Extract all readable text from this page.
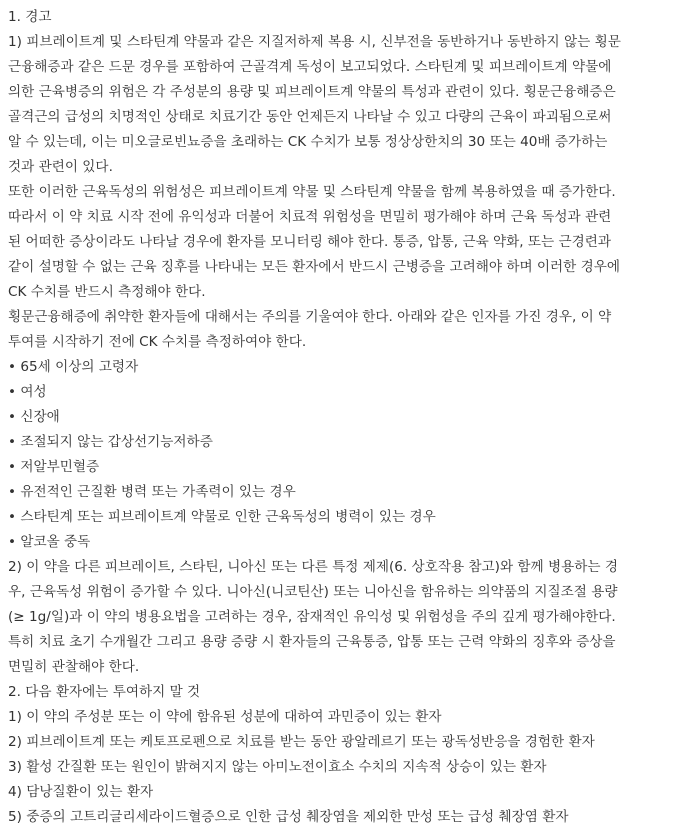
1. 경고
1) 피브레이트계 및 스타틴계 약물과 같은 지질저하제 복용 시, 신부전을 동반하거나 동반하지 않는 횡문
근융해증과 같은 드문 경우를 포함하여 근골격계 독성이 보고되었다. 스타틴계 및 피브레이트계 약물에
의한 근육병증의 위험은 각 주성분의 용량 및 피브레이트계 약물의 특성과 관련이 있다. 횡문근융해증은
골격근의 급성의 치명적인 상태로 치료기간 동안 언제든지 나타날 수 있고 다량의 근육이 파괴됨으로써
알 수 있는데, 이는 미오글로빈뇨증을 초래하는 CK 수치가 보통 정상상한치의 30 또는 40배 증가하는
것과 관련이 있다.
또한 이러한 근육독성의 위험성은 피브레이트계 약물 및 스타틴계 약물을 함께 복용하였을 때 증가한다.
따라서 이 약 치료 시작 전에 유익성과 더불어 치료적 위험성을 면밀히 평가해야 하며 근육 독성과 관련
된 어떠한 증상이라도 나타날 경우에 환자를 모니터링 해야 한다. 통증, 압통, 근육 약화, 또는 근경련과
같이 설명할 수 없는 근육 징후를 나타내는 모든 환자에서 반드시 근병증을 고려해야 하며 이러한 경우에
CK 수치를 반드시 측정해야 한다.
횡문근융해증에 취약한 환자들에 대해서는 주의를 기울여야 한다. 아래와 같은 인자를 가진 경우, 이 약
투여를 시작하기 전에 CK 수치를 측정하여야 한다.
• 65세 이상의 고령자
• 여성
• 신장애
• 조절되지 않는 갑상선기능저하증
• 저알부민혈증
• 유전적인 근질환 병력 또는 가족력이 있는 경우
• 스타틴계 또는 피브레이트계 약물로 인한 근육독성의 병력이 있는 경우
• 알코올 중독
2) 이 약을 다른 피브레이트, 스타틴, 니아신 또는 다른 특정 제제(6. 상호작용 참고)와 함께 병용하는 경
우, 근육독성 위험이 증가할 수 있다. 니아신(니코틴산) 또는 니아신을 함유하는 의약품의 지질조절 용량
(≥ 1g/일)과 이 약의 병용요법을 고려하는 경우, 잠재적인 유익성 및 위험성을 주의 깊게 평가해야한다.
특히 치료 초기 수개월간 그리고 용량 증량 시 환자들의 근육통증, 압통 또는 근력 약화의 징후와 증상을
면밀히 관찰해야 한다.
2. 다음 환자에는 투여하지 말 것
1) 이 약의 주성분 또는 이 약에 함유된 성분에 대하여 과민증이 있는 환자
2) 피브레이트계 또는 케토프로펜으로 치료를 받는 동안 광알레르기 또는 광독성반응을 경험한 환자
3) 활성 간질환 또는 원인이 밝혀지지 않는 아미노전이효소 수치의 지속적 상승이 있는 환자
4) 담낭질환이 있는 환자
5) 중증의 고트리글리세라이드혈증으로 인한 급성 췌장염을 제외한 만성 또는 급성 췌장염 환자
